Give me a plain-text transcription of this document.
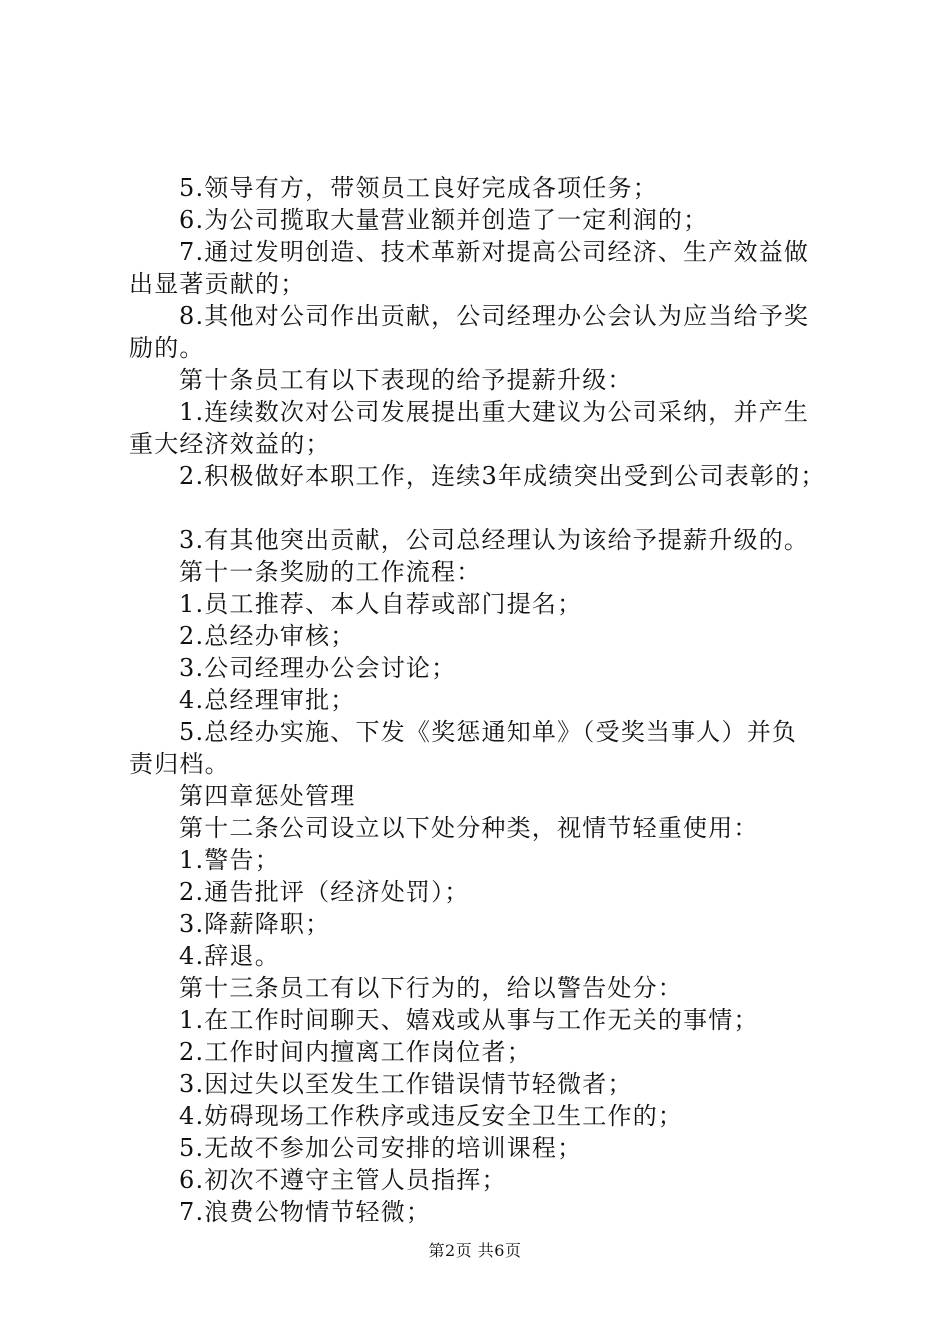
5.领导有方，带领员工良好完成各项任务；
6.为公司揽取大量营业额并创造了一定利润的；
7.通过发明创造、技术革新对提高公司经济、生产效益做
出显著贡献的；
8.其他对公司作出贡献，公司经理办公会认为应当给予奖
励的。
第十条员工有以下表现的给予提薪升级：
1.连续数次对公司发展提出重大建议为公司采纳，并产生
重大经济效益的；
2.积极做好本职工作，连续3年成绩突出受到公司表彰的；
3.有其他突出贡献，公司总经理认为该给予提薪升级的。
第十一条奖励的工作流程：
1.员工推荐、本人自荐或部门提名；
2.总经办审核；
3.公司经理办公会讨论；
4.总经理审批；
5.总经办实施、下发《奖惩通知单》（受奖当事人）并负
责归档。
第四章惩处管理
第十二条公司设立以下处分种类，视情节轻重使用：
1.警告；
2.通告批评（经济处罚）；
3.降薪降职；
4.辞退。
第十三条员工有以下行为的，给以警告处分：
1.在工作时间聊天、嬉戏或从事与工作无关的事情；
2.工作时间内擅离工作岗位者；
3.因过失以至发生工作错误情节轻微者；
4.妨碍现场工作秩序或违反安全卫生工作的；
5.无故不参加公司安排的培训课程；
6.初次不遵守主管人员指挥；
7.浪费公物情节轻微；
第2页 共6页
